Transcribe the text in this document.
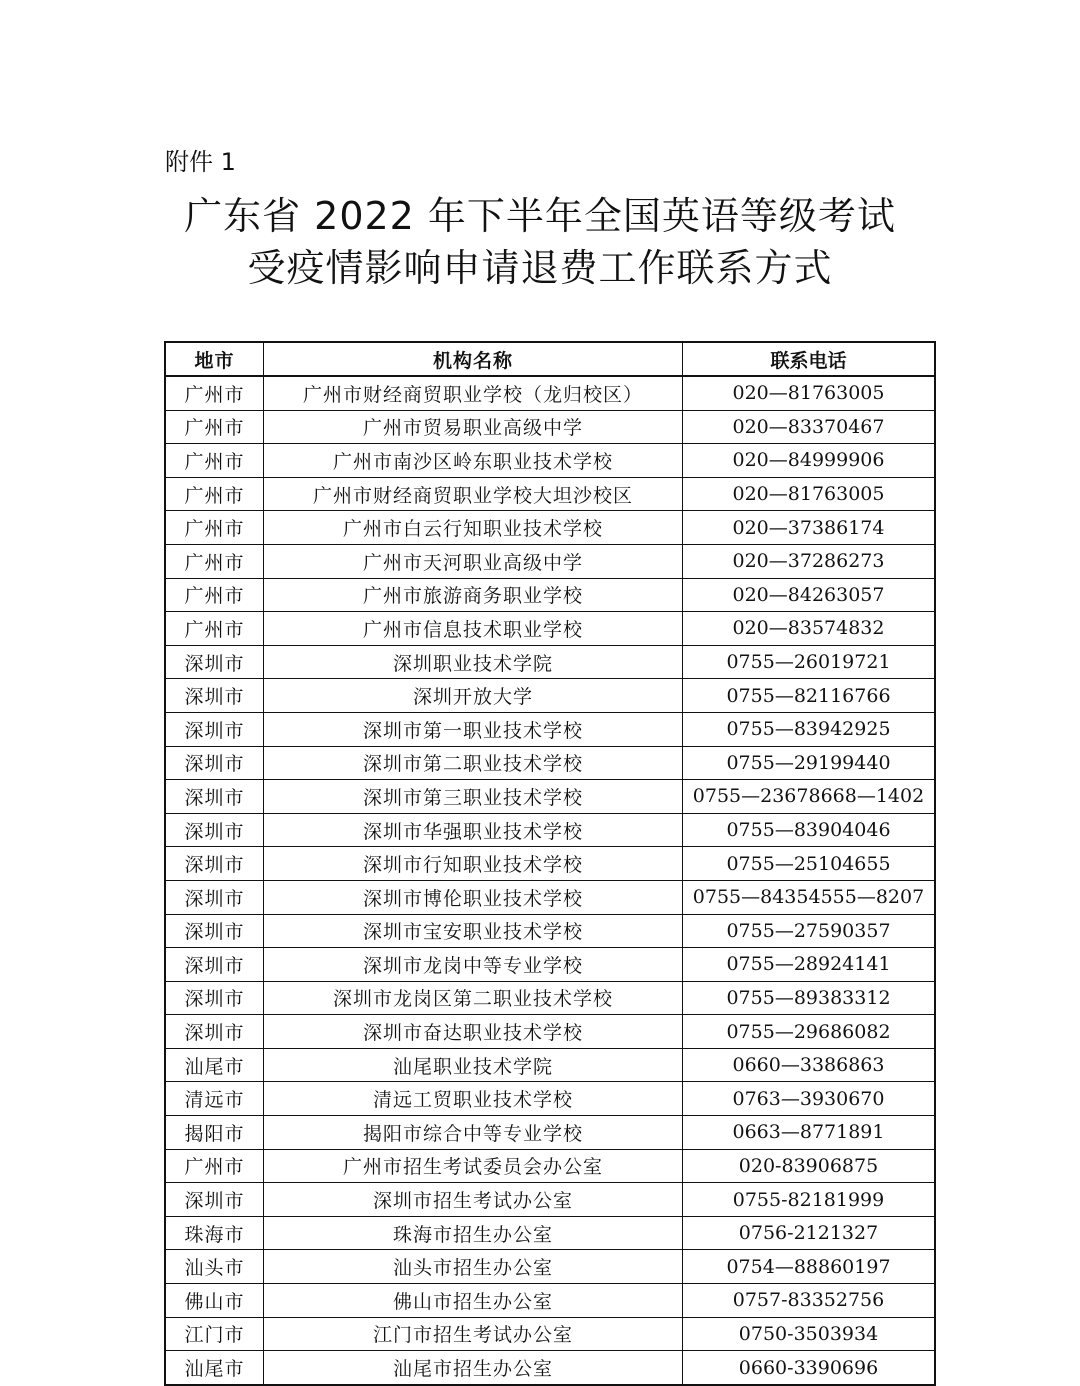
附件 1
广东省 2022 年下半年全国英语等级考试
受疫情影响申请退费工作联系方式
地市	机构名称	联系电话
广州市	广州市财经商贸职业学校（龙归校区）	020—81763005
广州市	广州市贸易职业高级中学	020—83370467
广州市	广州市南沙区岭东职业技术学校	020—84999906
广州市	广州市财经商贸职业学校大坦沙校区	020—81763005
广州市	广州市白云行知职业技术学校	020—37386174
广州市	广州市天河职业高级中学	020—37286273
广州市	广州市旅游商务职业学校	020—84263057
广州市	广州市信息技术职业学校	020—83574832
深圳市	深圳职业技术学院	0755—26019721
深圳市	深圳开放大学	0755—82116766
深圳市	深圳市第一职业技术学校	0755—83942925
深圳市	深圳市第二职业技术学校	0755—29199440
深圳市	深圳市第三职业技术学校	0755—23678668—1402
深圳市	深圳市华强职业技术学校	0755—83904046
深圳市	深圳市行知职业技术学校	0755—25104655
深圳市	深圳市博伦职业技术学校	0755—84354555—8207
深圳市	深圳市宝安职业技术学校	0755—27590357
深圳市	深圳市龙岗中等专业学校	0755—28924141
深圳市	深圳市龙岗区第二职业技术学校	0755—89383312
深圳市	深圳市奋达职业技术学校	0755—29686082
汕尾市	汕尾职业技术学院	0660—3386863
清远市	清远工贸职业技术学校	0763—3930670
揭阳市	揭阳市综合中等专业学校	0663—8771891
广州市	广州市招生考试委员会办公室	020-83906875
深圳市	深圳市招生考试办公室	0755-82181999
珠海市	珠海市招生办公室	0756-2121327
汕头市	汕头市招生办公室	0754—88860197
佛山市	佛山市招生办公室	0757-83352756
江门市	江门市招生考试办公室	0750-3503934
汕尾市	汕尾市招生办公室	0660-3390696
